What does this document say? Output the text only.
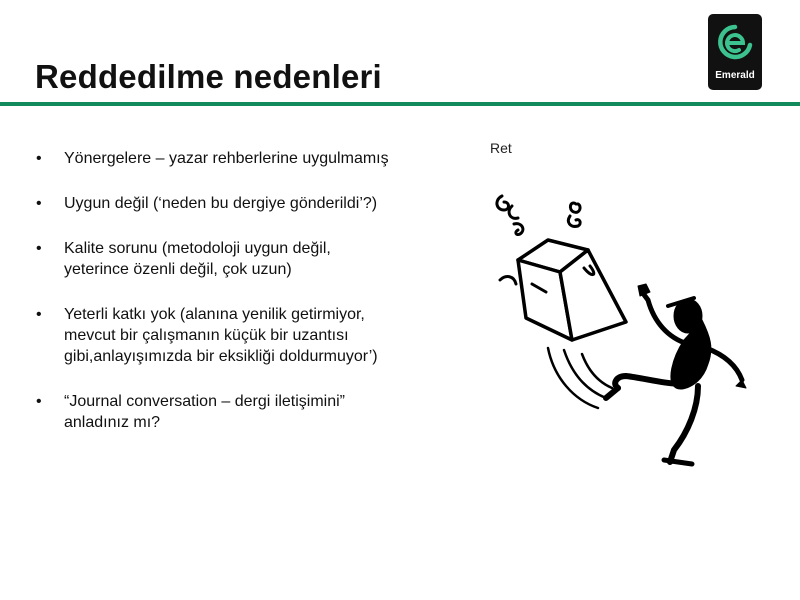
Reddedilme nedenleri	Emerald
• Yönergelere – yazar rehberlerine uygulmamış
• Uygun değil (‘neden bu dergiye gönderildi’?)
• Kalite sorunu (metodoloji uygun değil, yeterince özenli değil, çok uzun)
• Yeterli katkı yok (alanına yenilik getirmiyor, mevcut bir çalışmanın küçük bir uzantısı gibi,anlayışımızda bir eksikliği doldurmuyor’)
• “Journal conversation – dergi iletişimini” anladınız mı?
Ret
